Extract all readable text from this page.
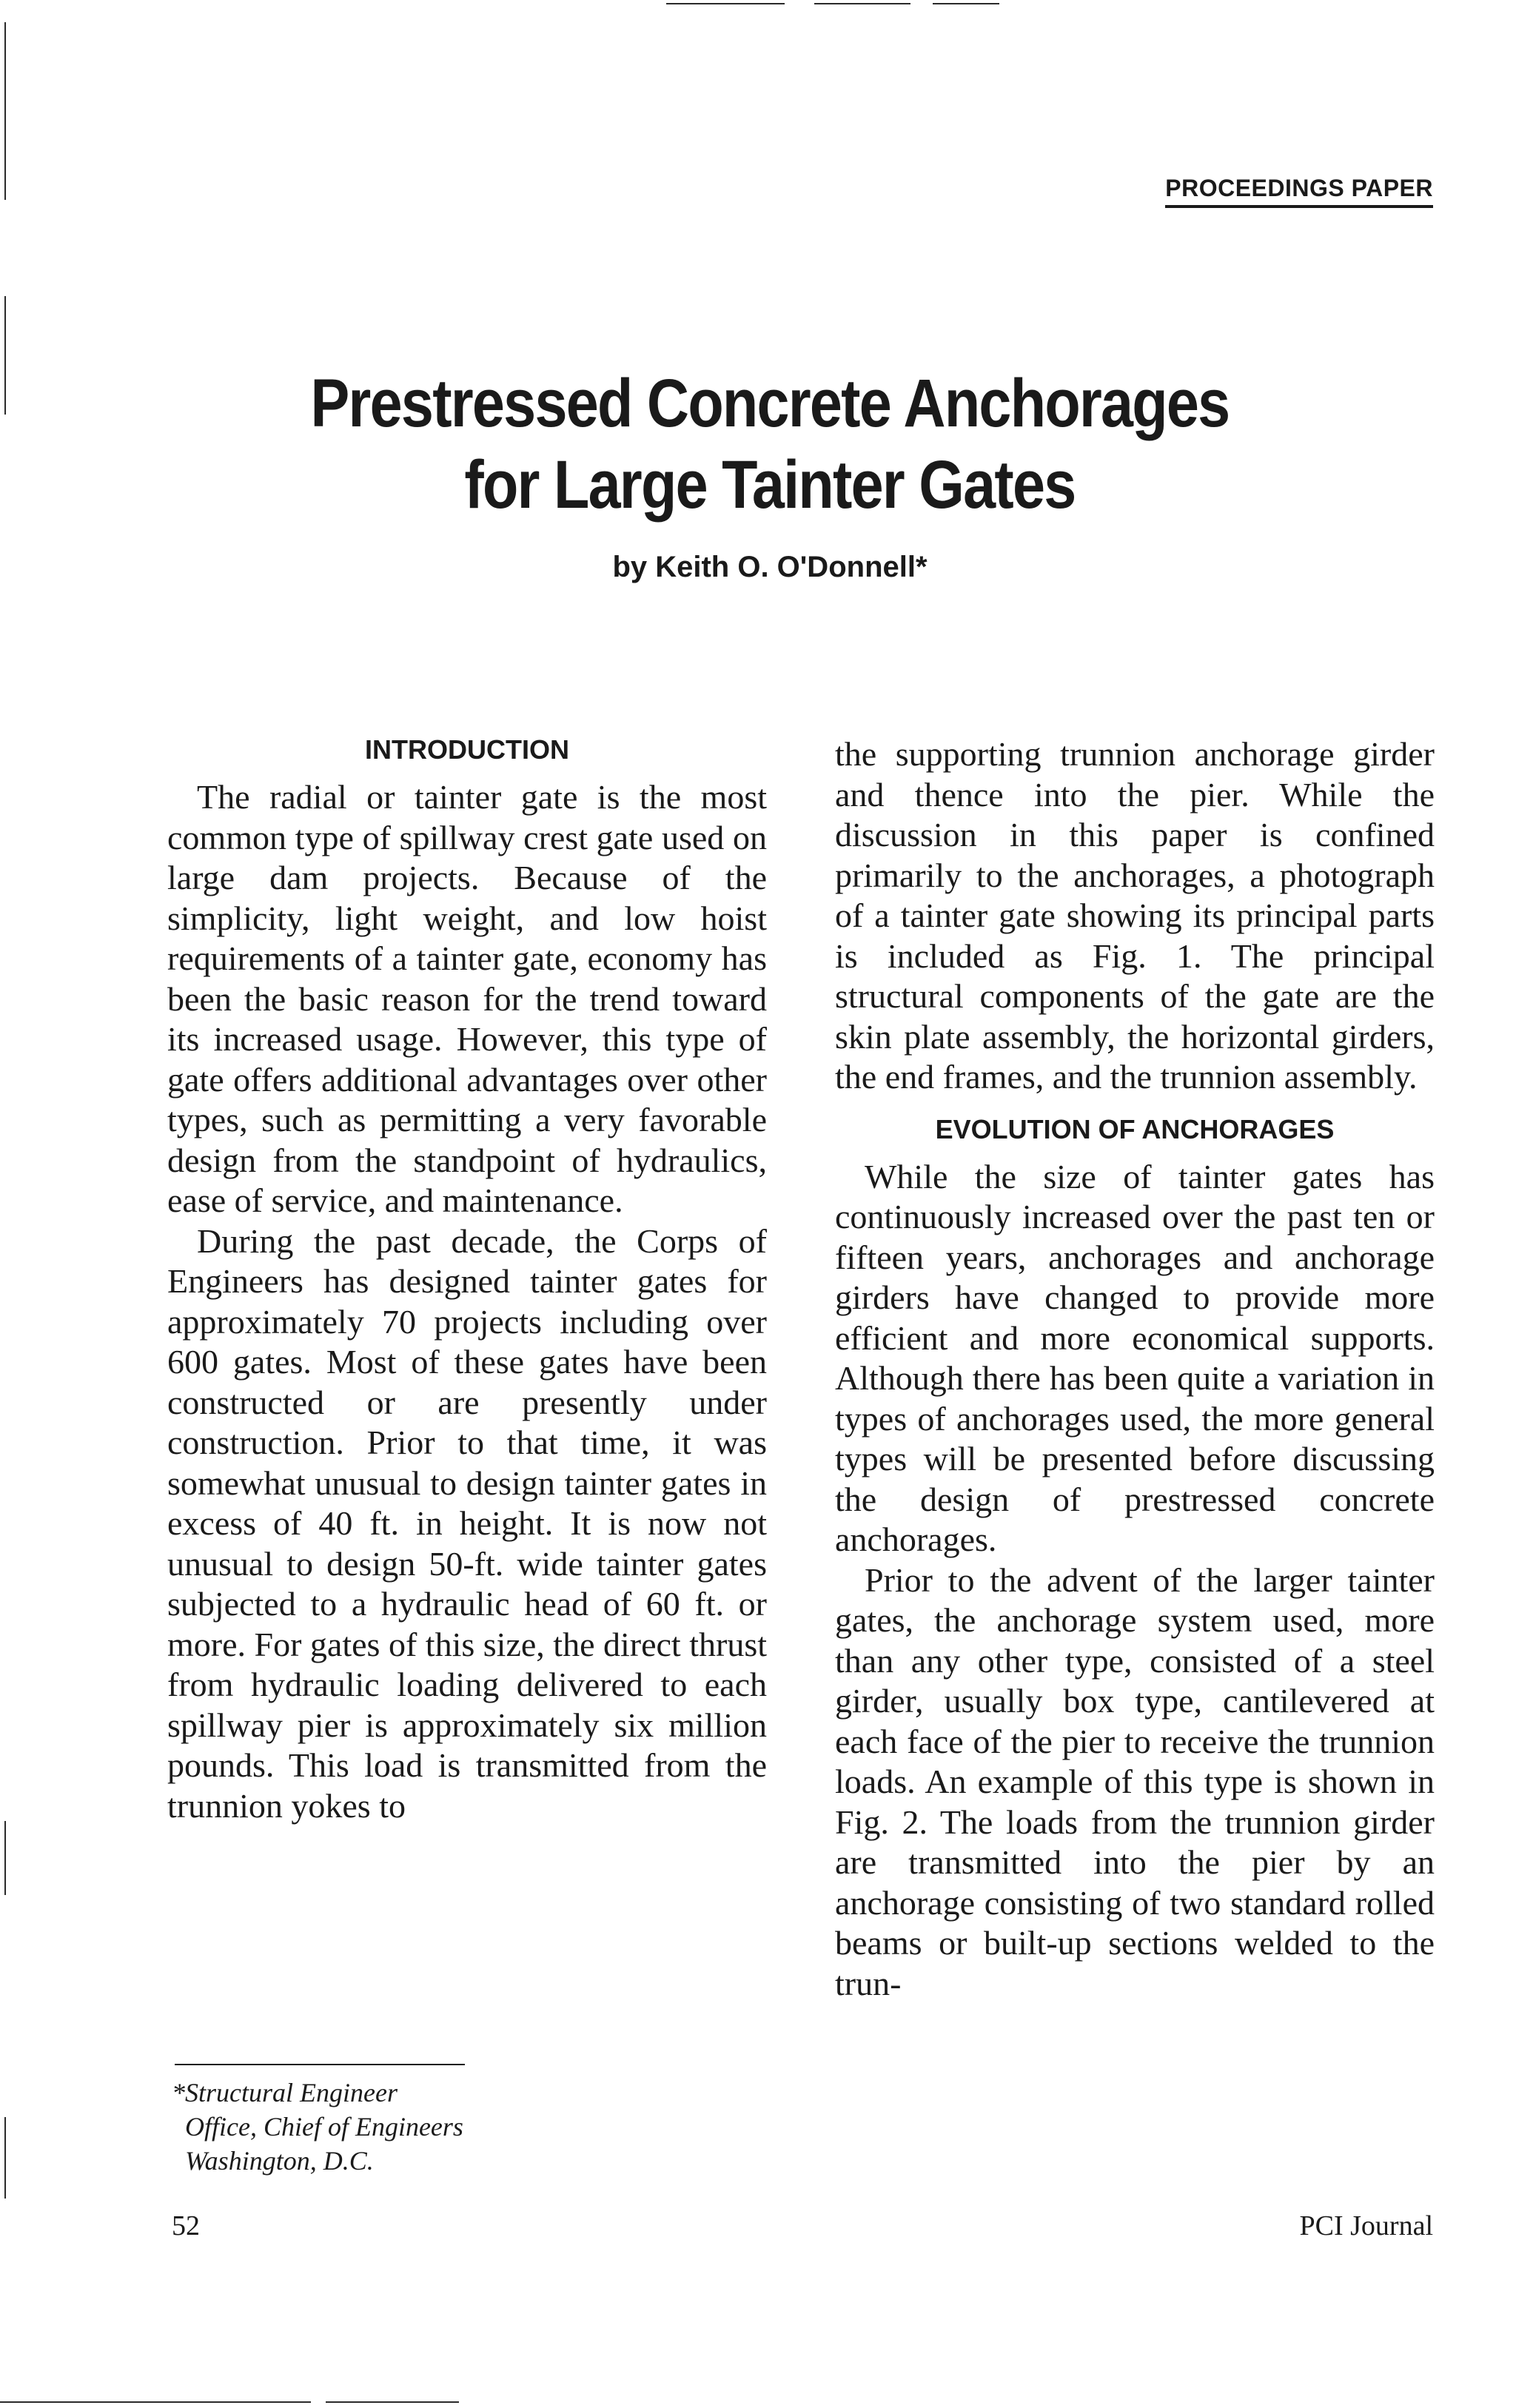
PROCEEDINGS PAPER
Prestressed Concrete Anchorages
for Large Tainter Gates
by Keith O. O'Donnell*
INTRODUCTION

The radial or tainter gate is the most common type of spillway crest gate used on large dam projects. Because of the simplicity, light weight, and low hoist requirements of a tainter gate, economy has been the basic reason for the trend toward its increased usage. However, this type of gate offers additional advantages over other types, such as permitting a very favorable design from the standpoint of hydraulics, ease of service, and maintenance.

During the past decade, the Corps of Engineers has designed tainter gates for approximately 70 projects including over 600 gates. Most of these gates have been constructed or are presently under construction. Prior to that time, it was somewhat unusual to design tainter gates in excess of 40 ft. in height. It is now not unusual to design 50-ft. wide tainter gates subjected to a hydraulic head of 60 ft. or more. For gates of this size, the direct thrust from hydraulic loading delivered to each spillway pier is approximately six million pounds. This load is transmitted from the trunnion yokes to

the supporting trunnion anchorage girder and thence into the pier. While the discussion in this paper is confined primarily to the anchorages, a photograph of a tainter gate showing its principal parts is included as Fig. 1. The principal structural components of the gate are the skin plate assembly, the horizontal girders, the end frames, and the trunnion assembly.

EVOLUTION OF ANCHORAGES

While the size of tainter gates has continuously increased over the past ten or fifteen years, anchorages and anchorage girders have changed to provide more efficient and more economical supports. Although there has been quite a variation in types of anchorages used, the more general types will be presented before discussing the design of prestressed concrete anchorages.

Prior to the advent of the larger tainter gates, the anchorage system used, more than any other type, consisted of a steel girder, usually box type, cantilevered at each face of the pier to receive the trunnion loads. An example of this type is shown in Fig. 2. The loads from the trunnion girder are transmitted into the pier by an anchorage consisting of two standard rolled beams or built-up sections welded to the trun-

*Structural Engineer
Office, Chief of Engineers
Washington, D.C.
52	PCI Journal
